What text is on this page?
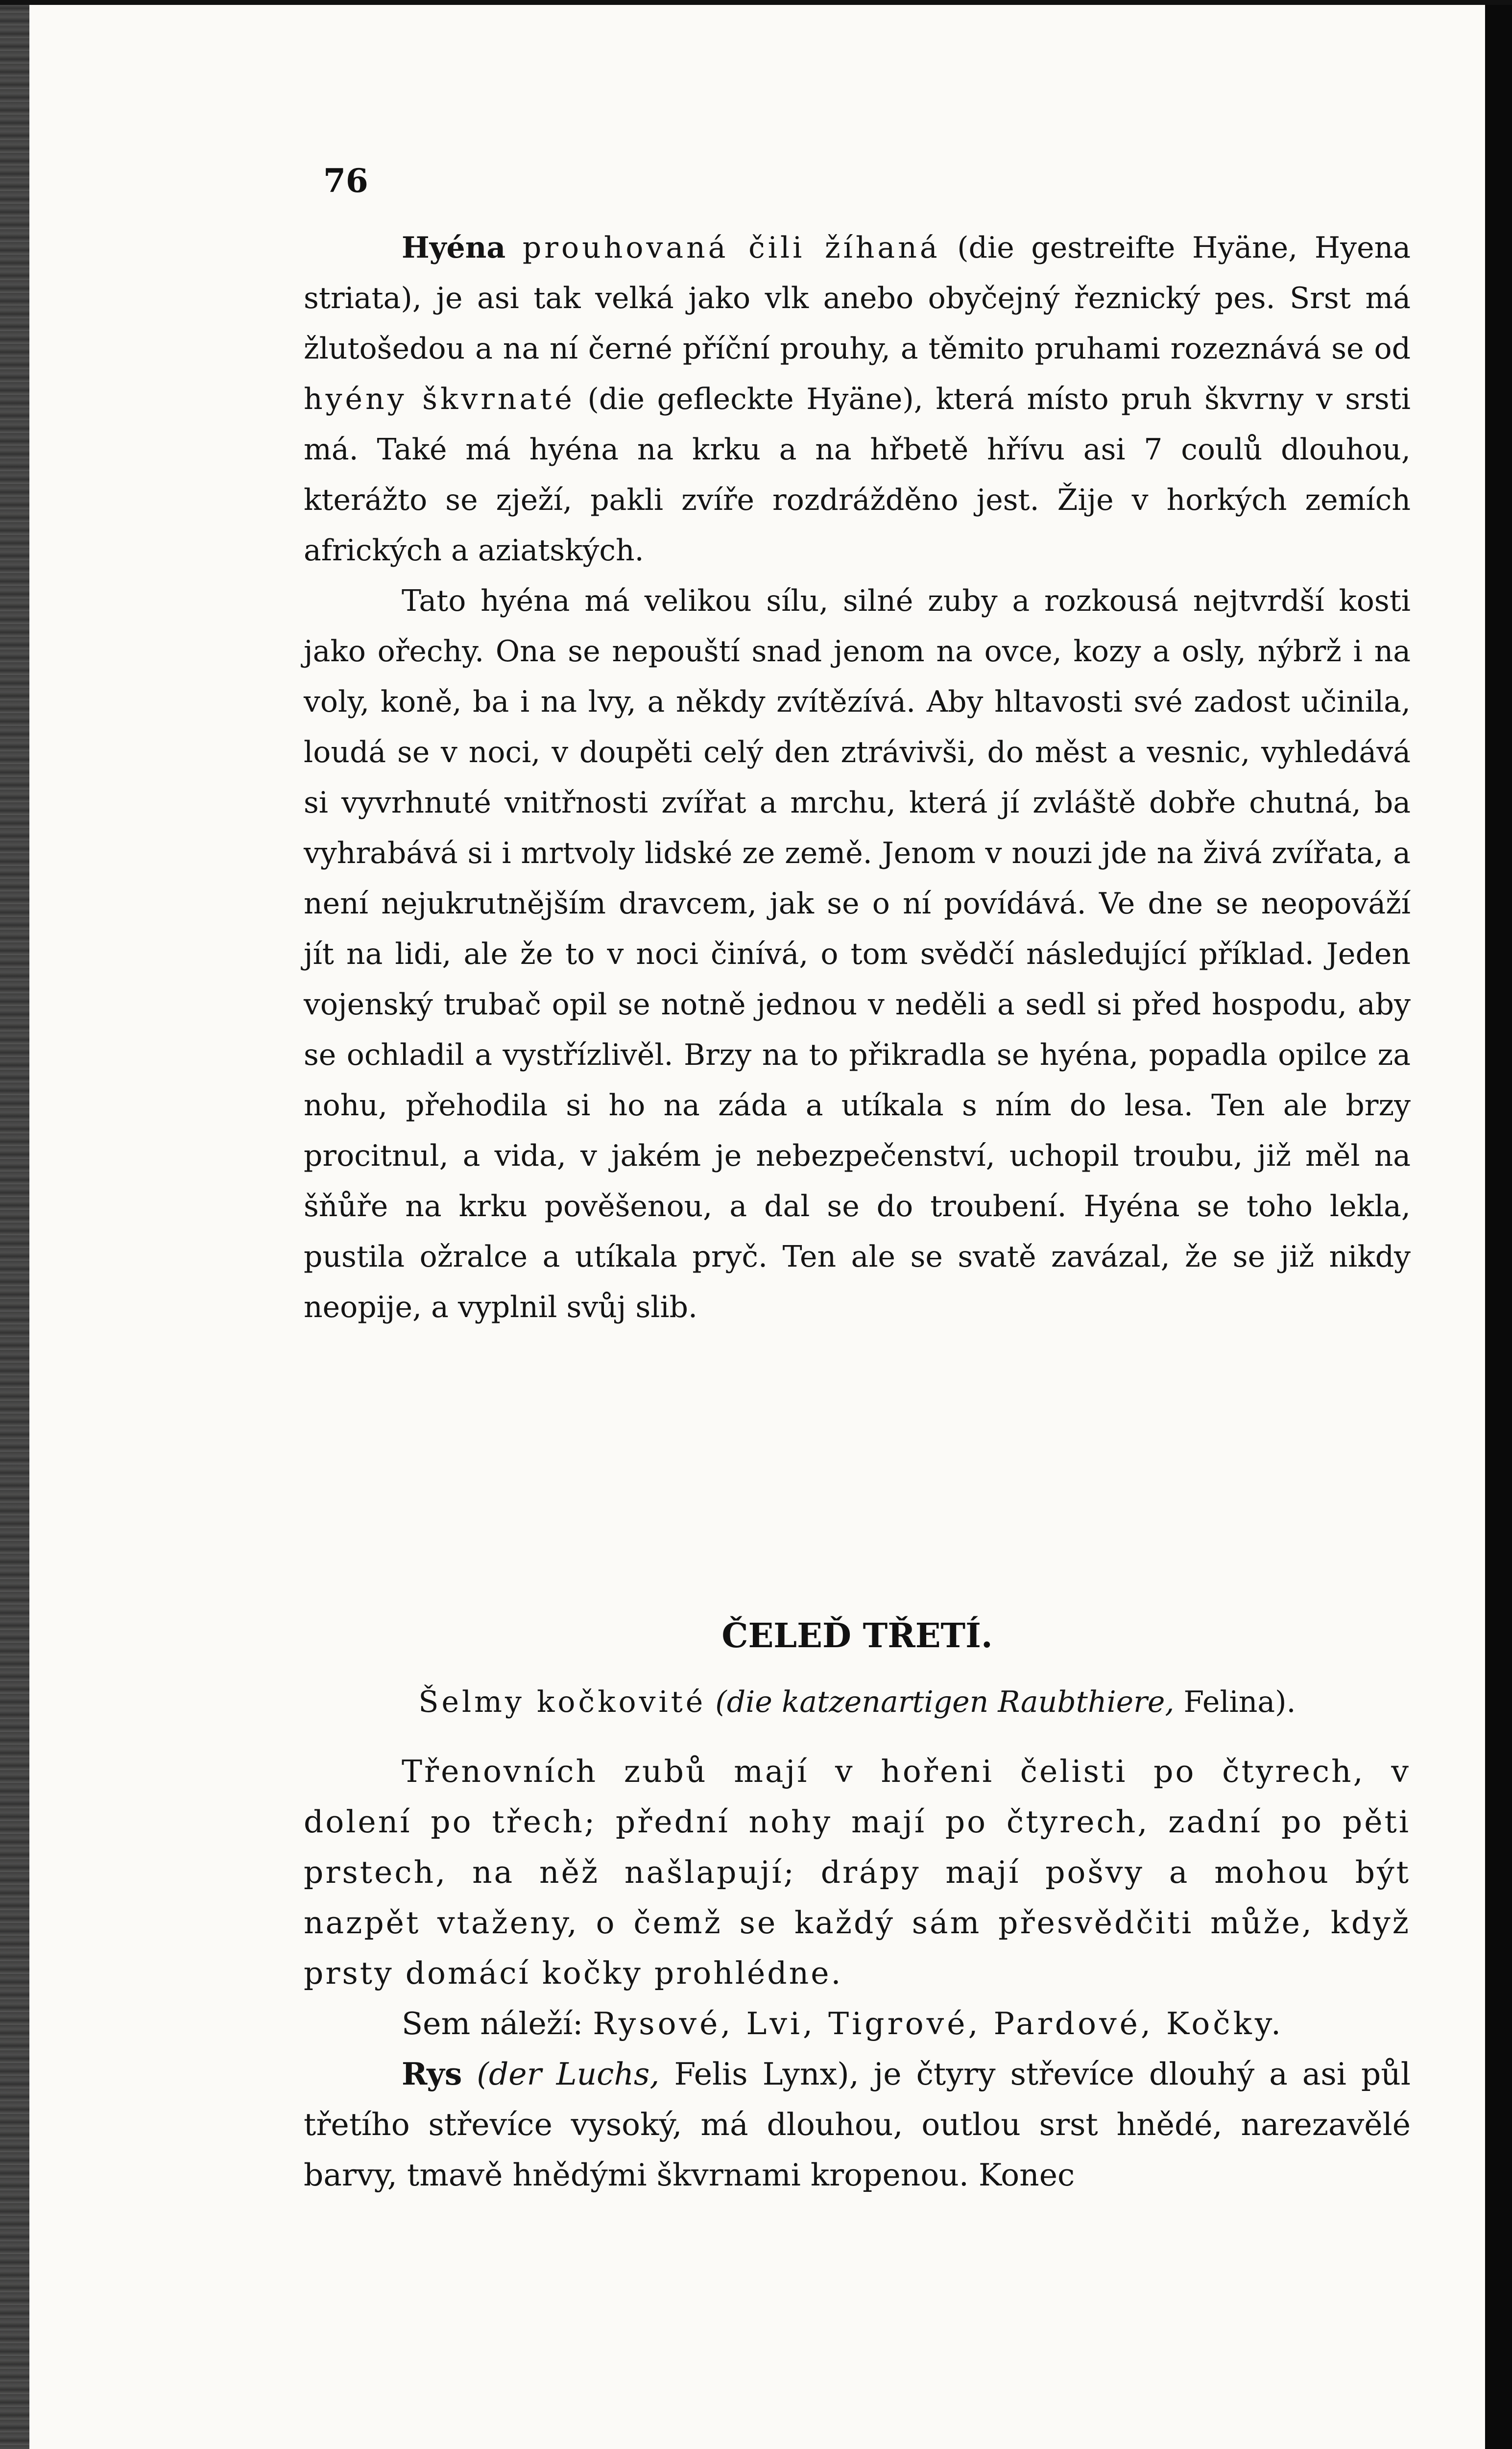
76

Hyéna prouhovaná čili žíhaná (die gestreifte Hyäne, Hyena striata), je asi tak velká jako vlk anebo obyčejný řeznický pes. Srst má žlutošedou a na ní černé příční prouhy, a těmito pruhami rozeznává se od hyény škvrnaté (die gefleckte Hyäne), která místo pruh škvrny v srsti má. Také má hyéna na krku a na hřbetě hřívu asi 7 coulů dlouhou, kterážto se zježí, pakli zvíře rozdrážděno jest. Žije v horkých zemích afrických a aziatských.

Tato hyéna má velikou sílu, silné zuby a rozkousá nejtvrdší kosti jako ořechy. Ona se nepouští snad jenom na ovce, kozy a osly, nýbrž i na voly, koně, ba i na lvy, a někdy zvítězívá. Aby hltavosti své zadost učinila, loudá se v noci, v doupěti celý den ztrávivši, do měst a vesnic, vyhledává si vyvrhnuté vnitřnosti zvířat a mrchu, která jí zvláště dobře chutná, ba vyhrabává si i mrtvoly lidské ze země. Jenom v nouzi jde na živá zvířata, a není nejukrutnějším dravcem, jak se o ní povídává. Ve dne se neopováží jít na lidi, ale že to v noci činívá, o tom svědčí následující příklad. Jeden vojenský trubač opil se notně jednou v neděli a sedl si před hospodu, aby se ochladil a vystřízlivěl. Brzy na to přikradla se hyéna, popadla opilce za nohu, přehodila si ho na záda a utíkala s ním do lesa. Ten ale brzy procitnul, a vida, v jakém je nebezpečenství, uchopil troubu, již měl na šňůře na krku pověšenou, a dal se do troubení. Hyéna se toho lekla, pustila ožralce a utíkala pryč. Ten ale se svatě zavázal, že se již nikdy neopije, a vyplnil svůj slib.

ČELEĎ TŘETÍ.
Šelmy kočkovité (die katzenartigen Raubthiere, Felina).

Třenovních zubů mají v hořeni čelisti po čtyrech, v dolení po třech; přední nohy mají po čtyrech, zadní po pěti prstech, na něž našlapují; drápy mají pošvy a mohou být nazpět vtaženy, o čemž se každý sám přesvědčiti může, když prsty domácí kočky prohlédne.

Sem náleží: Rysové, Lvi, Tigrové, Pardové, Kočky.

Rys (der Luchs, Felis Lynx), je čtyry střevíce dlouhý a asi půl třetího střevíce vysoký, má dlouhou, outlou srst hnědé, narezavělé barvy, tmavě hnědými škvrnami kropenou. Konec
